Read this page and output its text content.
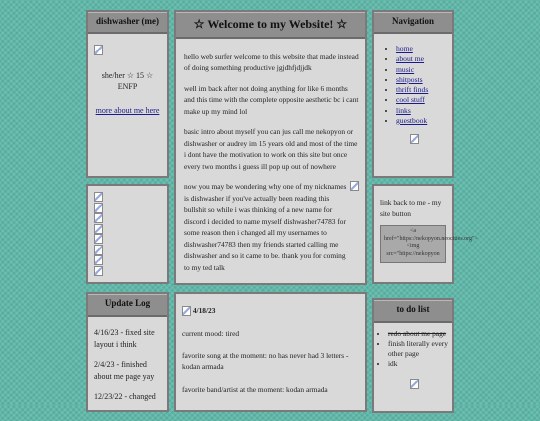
dishwasher (me)
she/her ☆ 15 ☆
ENFP
more about me here
Update Log

4/16/23 - fixed site layout i think

2/4/23 - finished about me page yay

12/23/22 - changed

☆ Welcome to my Website! ☆

hello web surfer welcome to this website that made instead of doing something productive jgjdhfjdjjdk

well im back after not doing anything for like 6 months and this time with the complete opposite aesthetic bc i cant make up my mind lol

basic intro about myself you can jus call me nekopyon or dishwasher or audrey im 15 years old and most of the time i dont have the motivation to work on this site but once every two months i guess ill pop up out of nowhere

now you may be wondering why one of my nicknames is dishwasher if you've actually been reading this bullshit so while i was thinking of a new name for discord i decided to name myself dishwasher74783 for some reason then i changed all my usernames to dishwasher74783 then my friends started calling me dishwasher and so it came to be. thank you for coming to my ted talk

4/18/23

current mood: tired

favorite song at the moment: no has never had 3 letters - kodan armada

favorite band/artist at the moment: kodan armada

Navigation
• home
• about me
• music
• shitposts
• thrift finds
• cool stuff
• links
• guestbook
link back to me - my site button
<a href="https://nekopyon.neocities.org"><img src="https://nekopyon
to do list
• redo about me page
• finish literally every other page
• idk
